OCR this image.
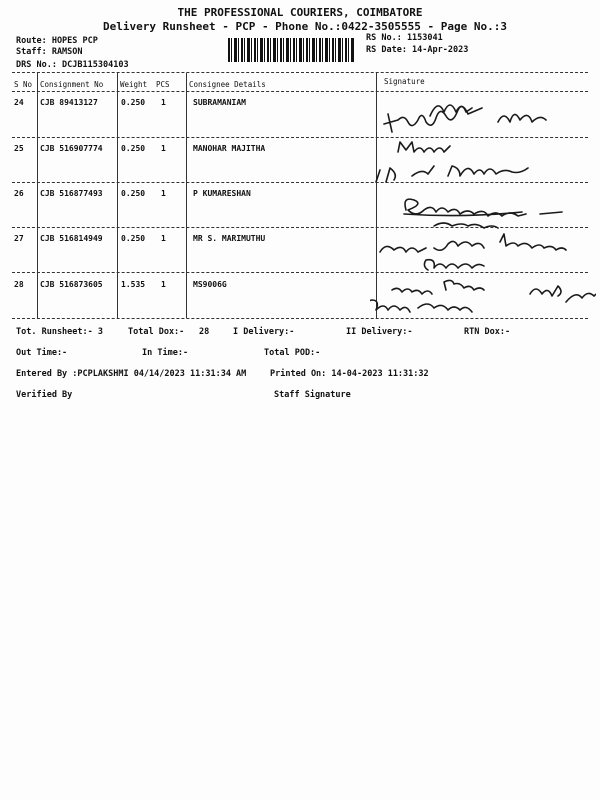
THE PROFESSIONAL COURIERS, COIMBATORE
Delivery Runsheet - PCP - Phone No.:0422-3505555 - Page No.:3
Route: HOPES PCP
Staff: RAMSON
DRS No.: DCJB115304103
RS No.: 1153041
RS Date: 14-Apr-2023
S No Consignment No Weight PCS	Consignee Details	Signature
24 CJB 89413127	0.250 1	SUBRAMANIAM
25 CJB 516907774 0.250 1	MANOHAR MAJITHA
26 CJB 516877493 0.250 1	P KUMARESHAN
27 CJB 516814949 0.250 1	MR S. MARIMUTHU
28 CJB 516873605 1.535 1	MS9006G
Tot. Runsheet:- 3	Total Dox:- 28	I Delivery:-	II Delivery:-	RTN Dox:-
Out Time:-	In Time:-	Total POD:-
Entered By :PCPLAKSHMI 04/14/2023 11:31:34 AM	Printed On: 14-04-2023 11:31:32
Verified By	Staff Signature
